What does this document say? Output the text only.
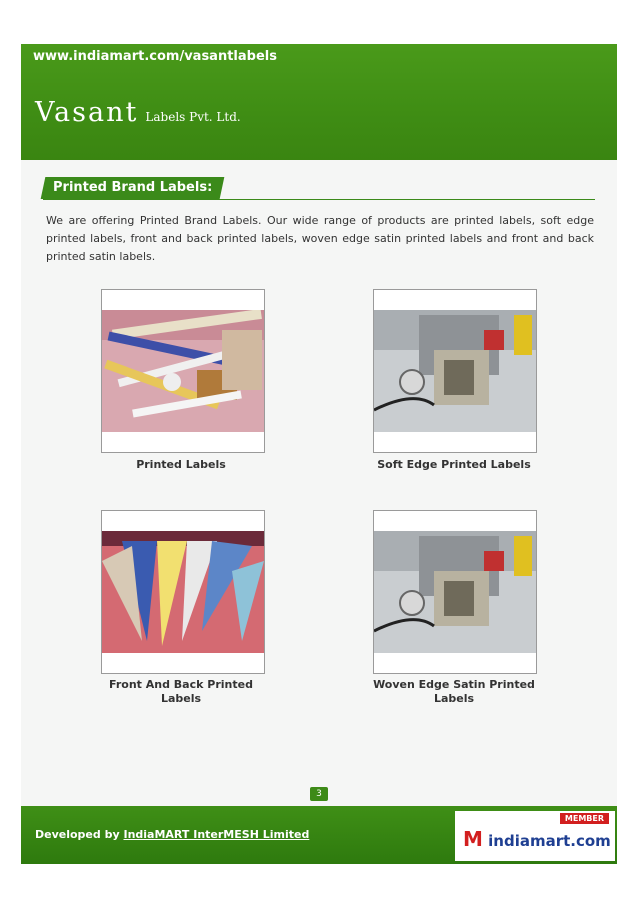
www.indiamart.com/vasantlabels
Vasant Labels Pvt. Ltd.
Printed Brand Labels:
We are offering Printed Brand Labels. Our wide range of products are printed labels, soft edge printed labels, front and back printed labels, woven edge satin printed labels and front and back printed satin labels.
Printed Labels	Soft Edge Printed Labels
Front And Back Printed Labels
Woven Edge Satin Printed Labels
3
Developed by IndiaMART InterMESH Limited
MEMBER
M indiamart.com
